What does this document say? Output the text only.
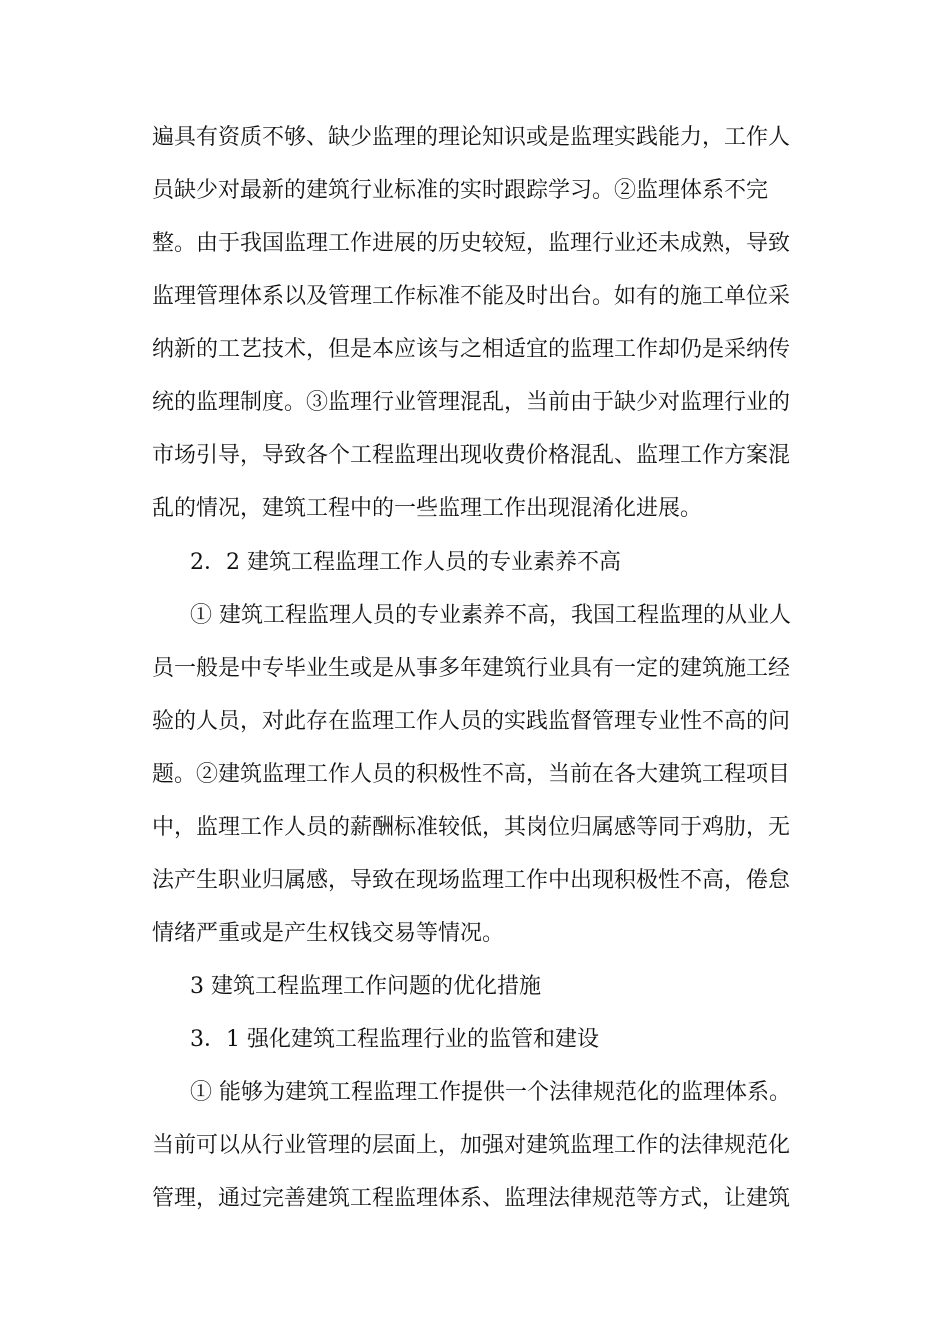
遍具有资质不够、缺少监理的理论知识或是监理实践能力，工作人
员缺少对最新的建筑行业标准的实时跟踪学习。②监理体系不完
整。由于我国监理工作进展的历史较短，监理行业还未成熟，导致
监理管理体系以及管理工作标准不能及时出台。如有的施工单位采
纳新的工艺技术，但是本应该与之相适宜的监理工作却仍是采纳传
统的监理制度。③监理行业管理混乱，当前由于缺少对监理行业的
市场引导，导致各个工程监理出现收费价格混乱、监理工作方案混
乱的情况，建筑工程中的一些监理工作出现混淆化进展。
2．2 建筑工程监理工作人员的专业素养不高
① 建筑工程监理人员的专业素养不高，我国工程监理的从业人
员一般是中专毕业生或是从事多年建筑行业具有一定的建筑施工经
验的人员，对此存在监理工作人员的实践监督管理专业性不高的问
题。②建筑监理工作人员的积极性不高，当前在各大建筑工程项目
中，监理工作人员的薪酬标准较低，其岗位归属感等同于鸡肋，无
法产生职业归属感，导致在现场监理工作中出现积极性不高，倦怠
情绪严重或是产生权钱交易等情况。
3 建筑工程监理工作问题的优化措施
3．1 强化建筑工程监理行业的监管和建设
① 能够为建筑工程监理工作提供一个法律规范化的监理体系。
当前可以从行业管理的层面上，加强对建筑监理工作的法律规范化
管理，通过完善建筑工程监理体系、监理法律规范等方式，让建筑
